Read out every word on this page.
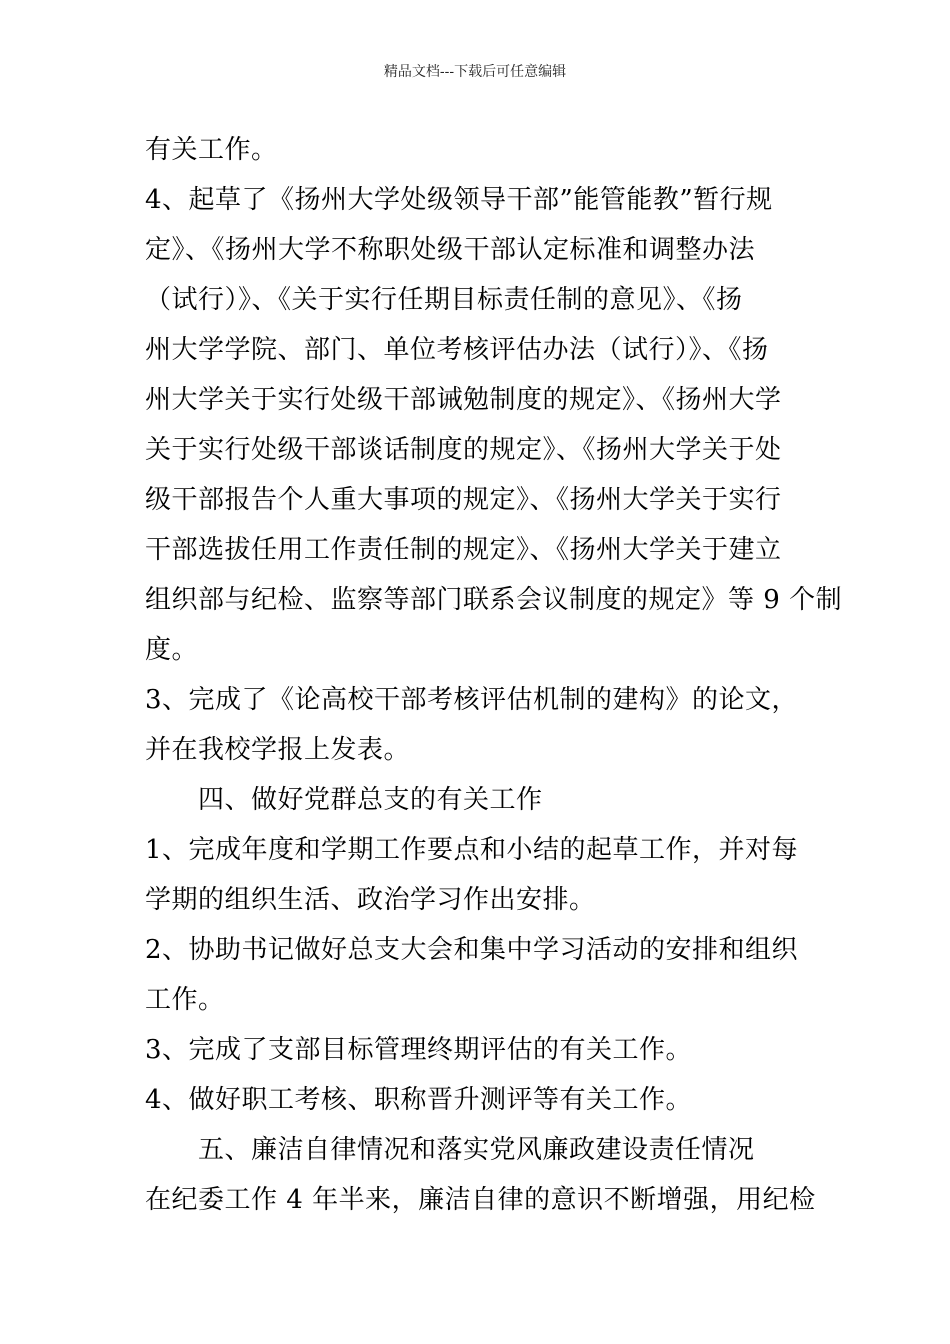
精品文档---下载后可任意编辑
有关工作。
4、起草了《扬州大学处级领导干部”能管能教”暂行规
定》、《扬州大学不称职处级干部认定标准和调整办法
（试行）》、《关于实行任期目标责任制的意见》、《扬
州大学学院、部门、单位考核评估办法（试行）》、《扬
州大学关于实行处级干部诫勉制度的规定》、《扬州大学
关于实行处级干部谈话制度的规定》、《扬州大学关于处
级干部报告个人重大事项的规定》、《扬州大学关于实行
干部选拔任用工作责任制的规定》、《扬州大学关于建立
组织部与纪检、监察等部门联系会议制度的规定》等 9 个制
度。
3、完成了《论高校干部考核评估机制的建构》的论文，
并在我校学报上发表。
　　四、做好党群总支的有关工作
1、完成年度和学期工作要点和小结的起草工作，并对每
学期的组织生活、政治学习作出安排。
2、协助书记做好总支大会和集中学习活动的安排和组织
工作。
3、完成了支部目标管理终期评估的有关工作。
4、做好职工考核、职称晋升测评等有关工作。
　　五、廉洁自律情况和落实党风廉政建设责任情况
在纪委工作 4 年半来，廉洁自律的意识不断增强，用纪检
